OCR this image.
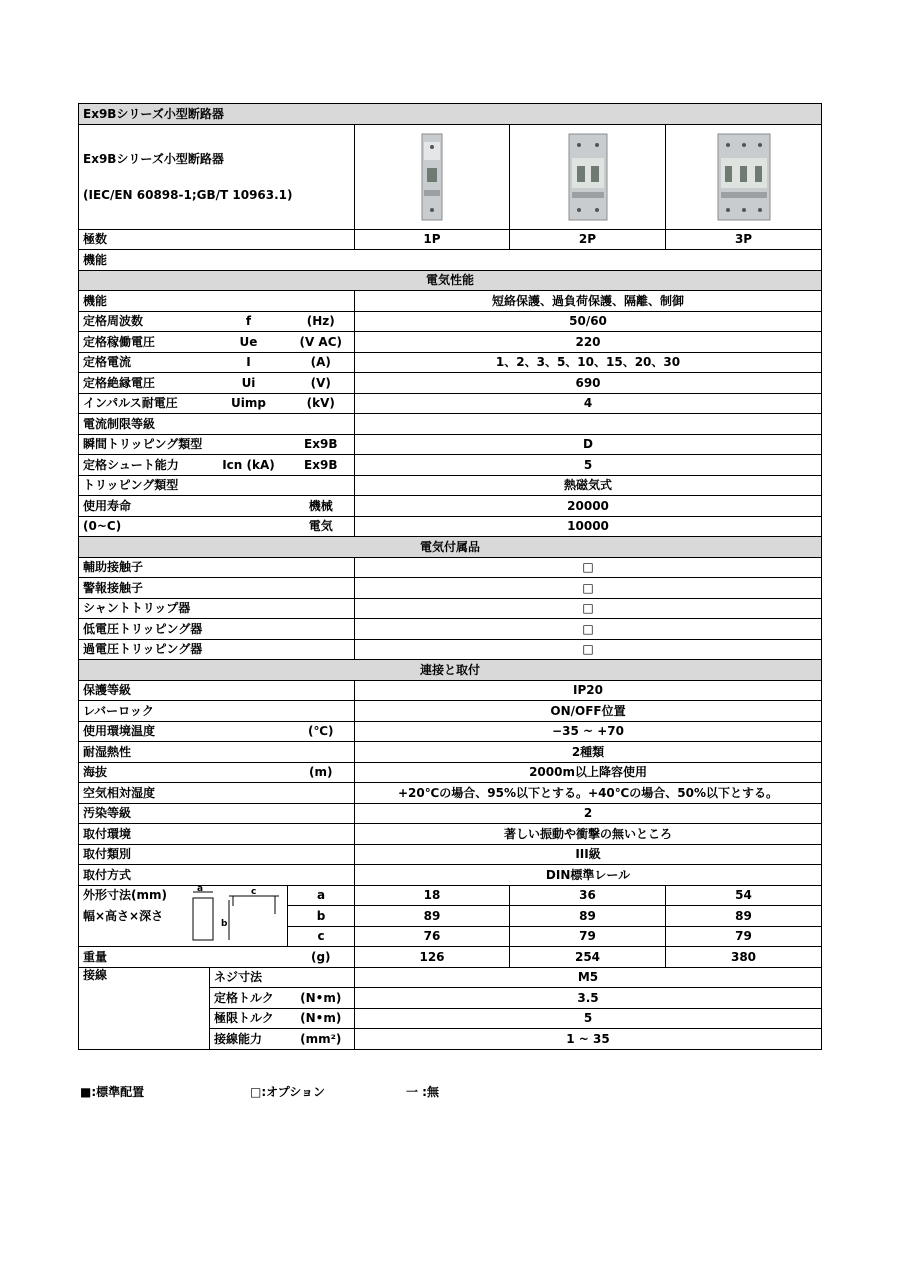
Ex9Bシリーズ小型断路器					

Ex9Bシリーズ小型断路器
(IEC/EN 60898-1;GB/T 10963.1)

極数			1P	2P	3P
機能					
電気性能					
機能			短絡保護、過負荷保護、隔離、制御		
定格周波数	f	(Hz)	50/60		
定格稼働電圧	Ue	(V AC)	220		
定格電流	I	(A)	1、2、3、5、10、15、20、30		
定格絶縁電圧	Ui	(V)	690		
インパルス耐電圧	Uimp	(kV)	4		
電流制限等級					
瞬間トリッピング類型		Ex9B	D		
定格シュート能力	Icn (kA)	Ex9B	5		
トリッピング類型			熱磁気式		
使用寿命		機械	20000		
(0~C)		電気	10000		
電気付属品					
輔助接触子			□		
警報接触子			□		
シャントトリップ器			□		
低電圧トリッピング器			□		
過電圧トリッピング器			□		
連接と取付					
保護等級			IP20		
レバーロック			ON/OFF位置		
使用環境温度		(℃)	−35 ~ +70		
耐湿熱性			2種類		
海抜		(m)	2000m以上降容使用		
空気相対湿度			+20℃の場合、95%以下とする。+40℃の場合、50%以下とする。		
汚染等級			2		
取付環境			著しい振動や衝撃の無いところ		
取付類別			III級		
取付方式			DIN標準レール		

外形寸法(mm)
幅×高さ×深さ
a
b
c		a	18	36	54
		b	89	89	89
		c	76	79	79
重量		(g)	126	254	380
接線	ネジ寸法		M5		
	定格トルク	(N•m)	3.5		
	極限トルク	(N•m)	5		
	接線能力	(mm²)	1 ~ 35		
■:標準配置	□:オプション	一 :無
